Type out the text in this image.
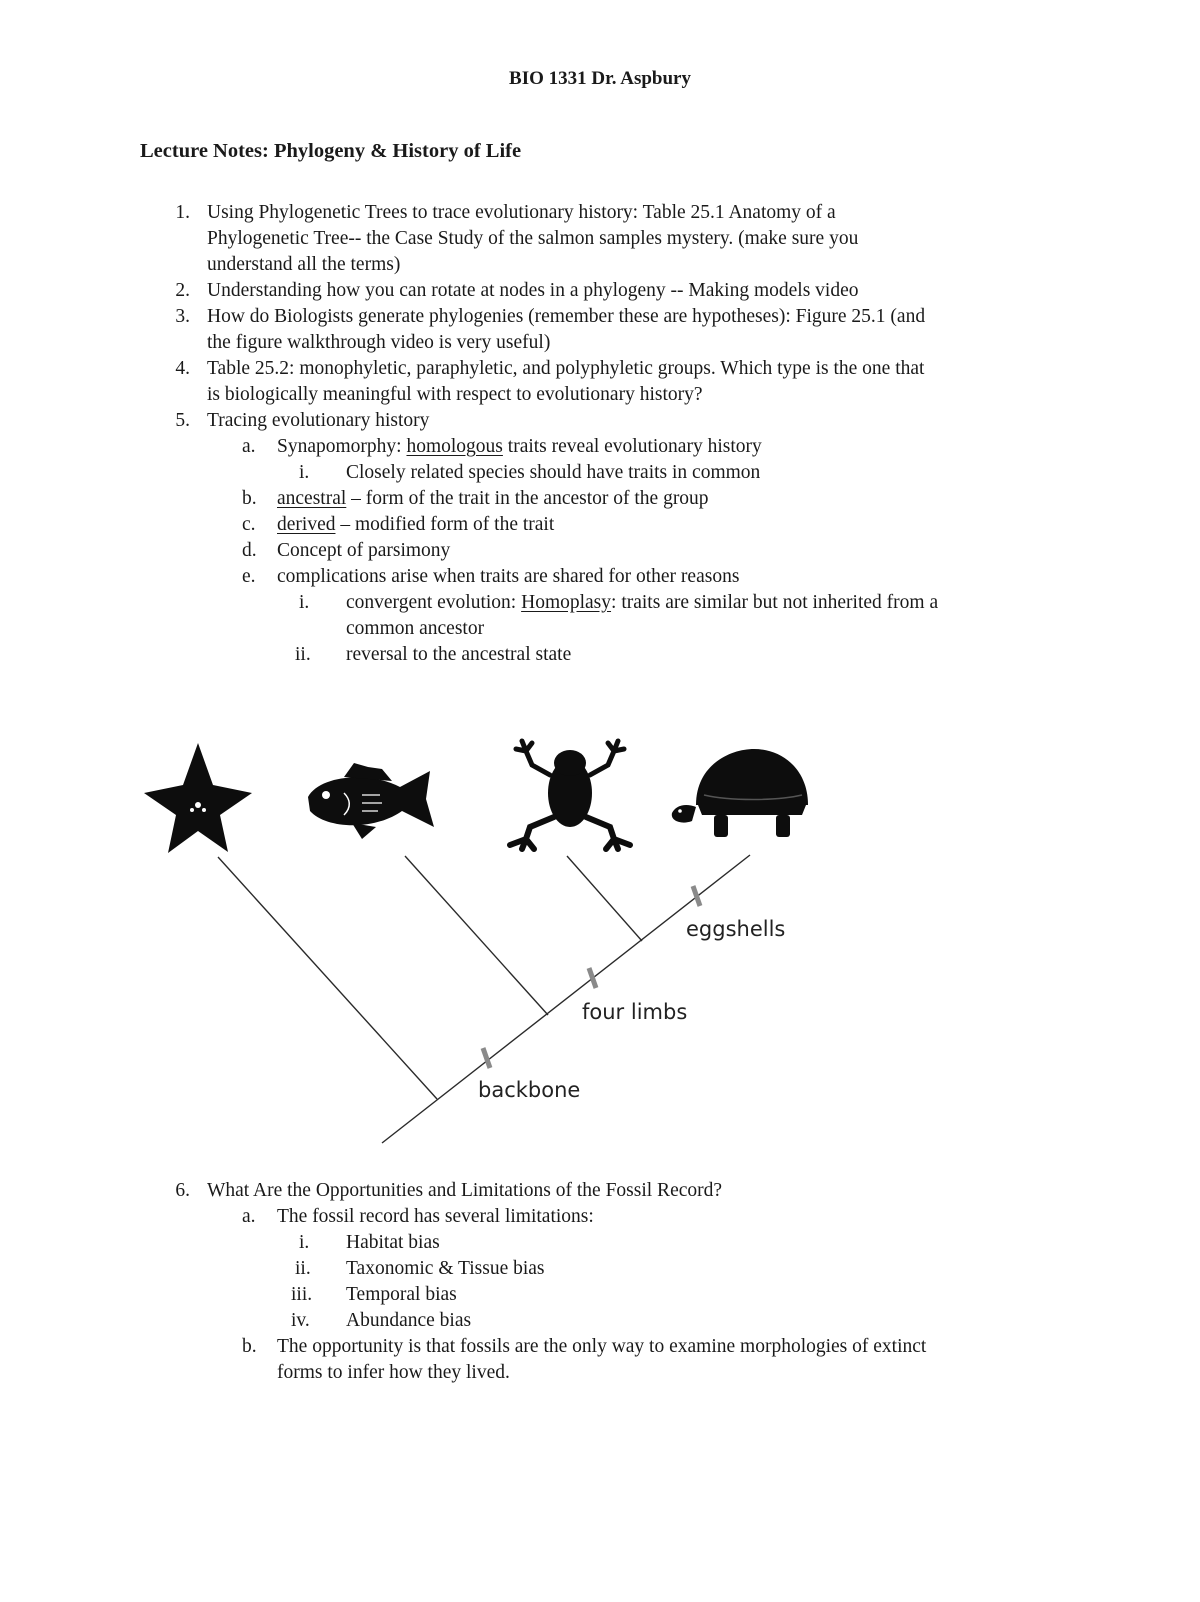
BIO 1331 Dr. Aspbury
Lecture Notes: Phylogeny & History of Life
1. Using Phylogenetic Trees to trace evolutionary history: Table 25.1 Anatomy of a
Phylogenetic Tree-- the Case Study of the salmon samples mystery. (make sure you
understand all the terms)
2. Understanding how you can rotate at nodes in a phylogeny -- Making models video
3. How do Biologists generate phylogenies (remember these are hypotheses): Figure 25.1 (and
the figure walkthrough video is very useful)
4. Table 25.2: monophyletic, paraphyletic, and polyphyletic groups. Which type is the one that
is biologically meaningful with respect to evolutionary history?
5. Tracing evolutionary history
a. Synapomorphy: homologous traits reveal evolutionary history
i. Closely related species should have traits in common
b. ancestral – form of the trait in the ancestor of the group
c. derived – modified form of the trait
d. Concept of parsimony
e. complications arise when traits are shared for other reasons
i. convergent evolution: Homoplasy: traits are similar but not inherited from a
common ancestor
ii. reversal to the ancestral state
backbone
four limbs
eggshells
6. What Are the Opportunities and Limitations of the Fossil Record?
a. The fossil record has several limitations:
i. Habitat bias
ii. Taxonomic & Tissue bias
iii. Temporal bias
iv. Abundance bias
b. The opportunity is that fossils are the only way to examine morphologies of extinct
forms to infer how they lived.
